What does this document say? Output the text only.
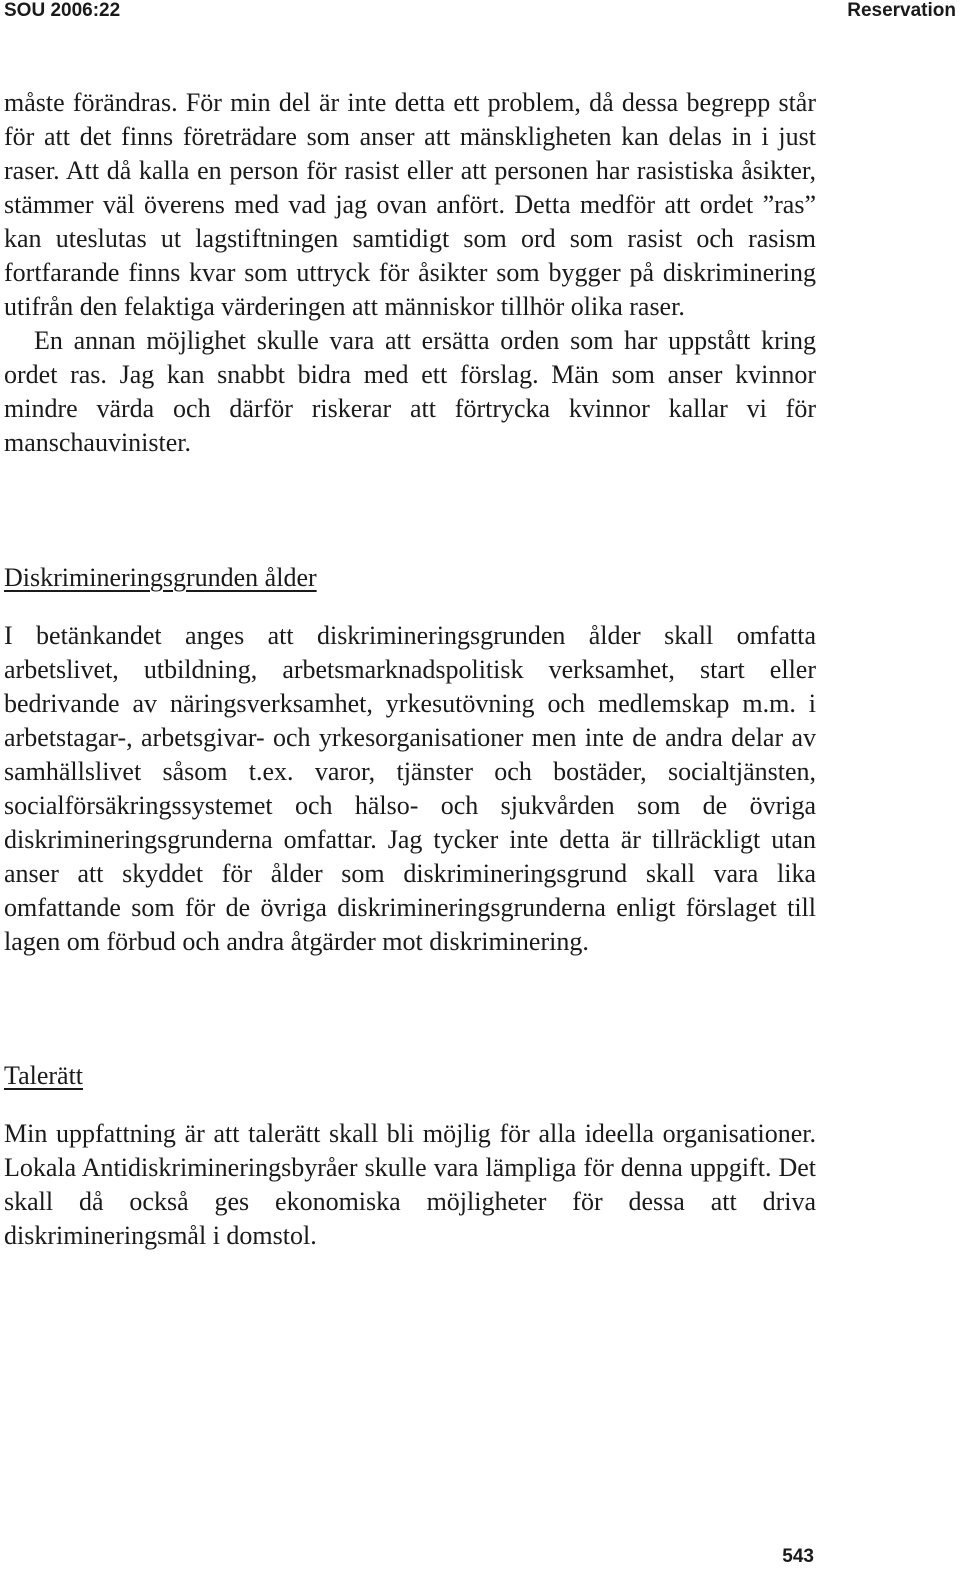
SOU 2006:22	Reservation

måste förändras. För min del är inte detta ett problem, då dessa begrepp står för att det finns företrädare som anser att mänskligheten kan delas in i just raser. Att då kalla en person för rasist eller att personen har rasistiska åsikter, stämmer väl överens med vad jag ovan anfört. Detta medför att ordet ”ras” kan uteslutas ut lagstiftningen samtidigt som ord som rasist och rasism fortfarande finns kvar som uttryck för åsikter som bygger på diskriminering utifrån den felaktiga värderingen att människor tillhör olika raser.

En annan möjlighet skulle vara att ersätta orden som har uppstått kring ordet ras. Jag kan snabbt bidra med ett förslag. Män som anser kvinnor mindre värda och därför riskerar att förtrycka kvinnor kallar vi för manschauvinister.

Diskrimineringsgrunden ålder

I betänkandet anges att diskrimineringsgrunden ålder skall omfatta arbetslivet, utbildning, arbetsmarknadspolitisk verksamhet, start eller bedrivande av näringsverksamhet, yrkesutövning och medlemskap m.m. i arbetstagar-, arbetsgivar- och yrkesorganisationer men inte de andra delar av samhällslivet såsom t.ex. varor, tjänster och bostäder, socialtjänsten, socialförsäkringssystemet och hälso- och sjukvården som de övriga diskrimineringsgrunderna omfattar. Jag tycker inte detta är tillräckligt utan anser att skyddet för ålder som diskrimineringsgrund skall vara lika omfattande som för de övriga diskrimineringsgrunderna enligt förslaget till lagen om förbud och andra åtgärder mot diskriminering.

Talerätt

Min uppfattning är att talerätt skall bli möjlig för alla ideella organisationer. Lokala Antidiskrimineringsbyråer skulle vara lämpliga för denna uppgift. Det skall då också ges ekonomiska möjligheter för dessa att driva diskrimineringsmål i domstol.

543
